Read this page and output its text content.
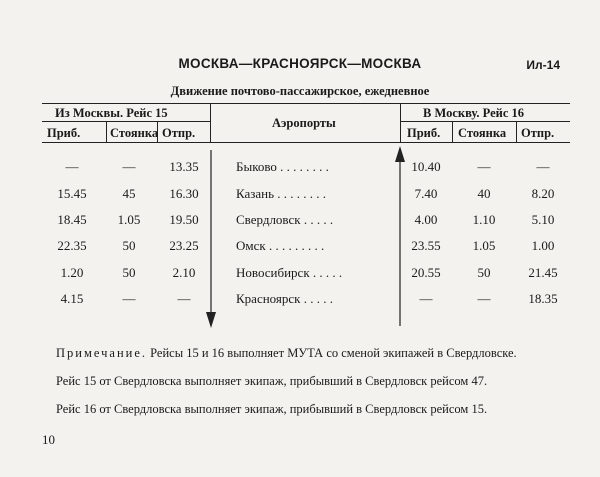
МОСКВА—КРАСНОЯРСК—МОСКВА	Ил-14
Движение почтово-пассажирское, ежедневное
Из Москвы. Рейс 15	В Москву. Рейс 16
Аэропорты
Приб. Стоянка Отпр.	Приб. Стоянка Отпр.
—	—	13.35	Быково . . . . . . . .	10.40	—	—
15.45	45	16.30	Казань . . . . . . . .	7.40	40	8.20
18.45	1.05	19.50	Свердловск . . . . .	4.00	1.10	5.10
22.35	50	23.25	Омск . . . . . . . . .	23.55	1.05	1.00
1.20	50	2.10	Новосибирск . . . . .	20.55	50	21.45
4.15	—	—	Красноярск . . . . .	—	—	18.35
Примечание. Рейсы 15 и 16 выполняет МУТА со сменой экипажей в Свердловске.
Рейс 15 от Свердловска выполняет экипаж, прибывший в Свердловск рейсом 47.
Рейс 16 от Свердловска выполняет экипаж, прибывший в Свердловск рейсом 15.
10
